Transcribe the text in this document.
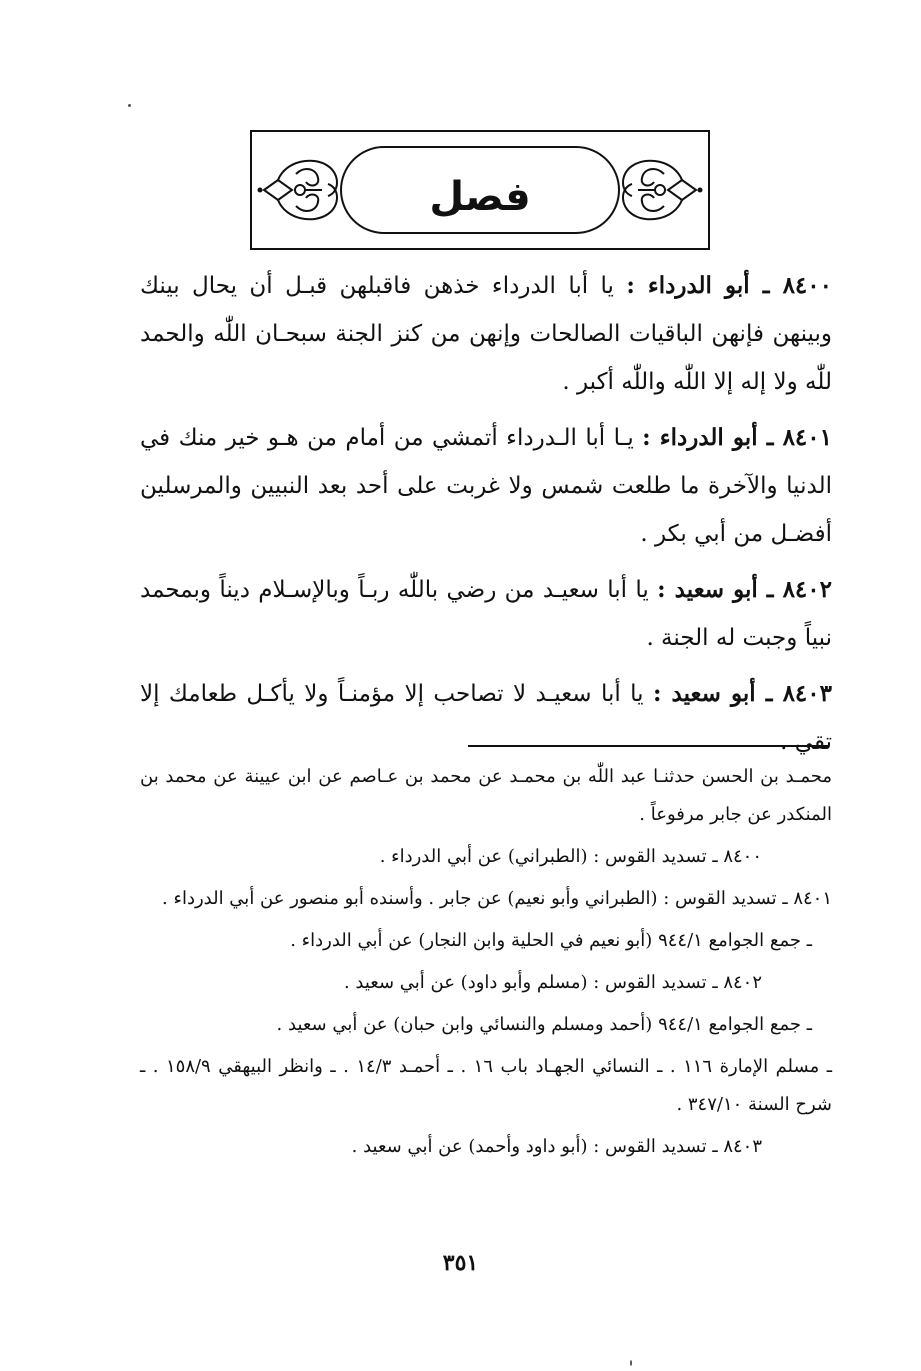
فصل

٨٤٠٠ ـ أبو الدرداء : يا أبا الدرداء خذهن فاقبلهن قبـل أن يحال بينك وبينهن فإنهن الباقيات الصالحات وإنهن من كنز الجنة سبحـان اللّٰه والحمد للّٰه ولا إله إلا اللّٰه واللّٰه أكبر .

٨٤٠١ ـ أبو الدرداء : يـا أبا الـدرداء أتمشي من أمام من هـو خير منك في الدنيا والآخرة ما طلعت شمس ولا غربت على أحد بعد النبيين والمرسلين أفضـل من أبي بكر .

٨٤٠٢ ـ أبو سعيد : يا أبا سعيـد من رضي باللّٰه ربـاً وبالإسـلام ديناً وبمحمد نبياً وجبت له الجنة .

٨٤٠٣ ـ أبو سعيد : يا أبا سعيـد لا تصاحب إلا مؤمنـاً ولا يأكـل طعامك إلا تقي .

محمـد بن الحسن حدثنـا عبد اللّٰه بن محمـد عن محمد بن عـاصم عن ابن عيينة عن محمد بن المنكدر عن جابر مرفوعاً .

٨٤٠٠ ـ تسديد القوس : (الطبراني) عن أبي الدرداء .

٨٤٠١ ـ تسديد القوس : (الطبراني وأبو نعيم) عن جابر . وأسنده أبو منصور عن أبي الدرداء .

ـ جمع الجوامع ٩٤٤/١ (أبو نعيم في الحلية وابن النجار) عن أبي الدرداء .

٨٤٠٢ ـ تسديد القوس : (مسلم وأبو داود) عن أبي سعيد .

ـ جمع الجوامع ٩٤٤/١ (أحمد ومسلم والنسائي وابن حبان) عن أبي سعيد .

ـ مسلم الإمارة ١١٦ . ـ النسائي الجهـاد باب ١٦ . ـ أحمـد ١٤/٣ . ـ وانظر البيهقي ١٥٨/٩ . ـ شرح السنة ٣٤٧/١٠ .

٨٤٠٣ ـ تسديد القوس : (أبو داود وأحمد) عن أبي سعيد .

٣٥١
